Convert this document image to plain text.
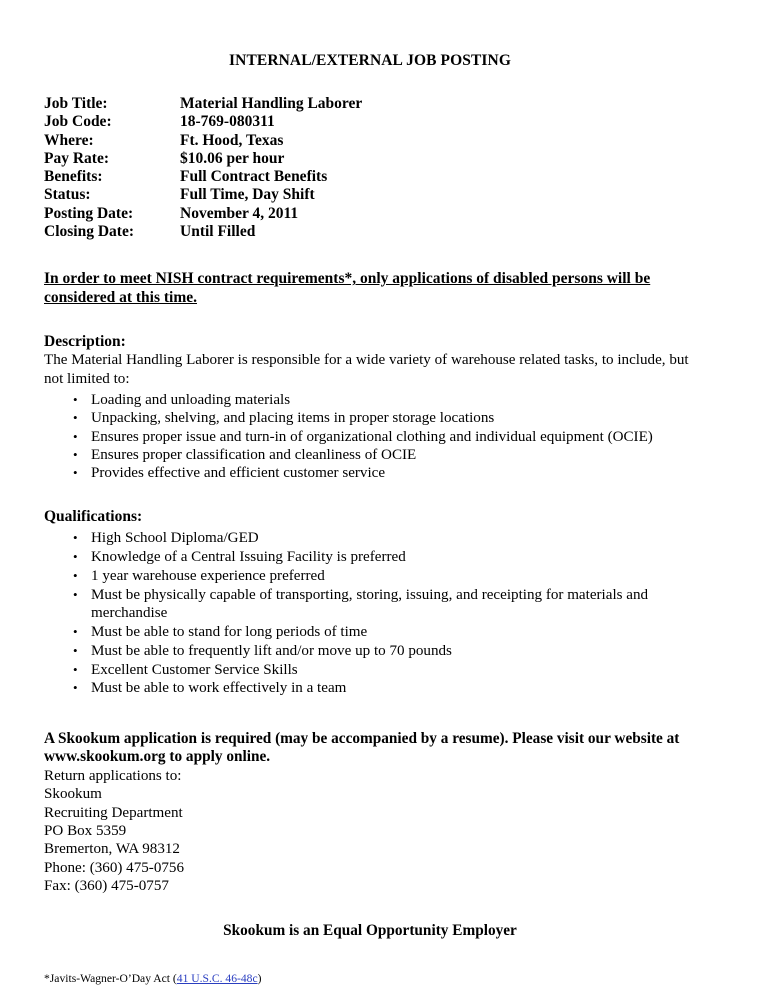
INTERNAL/EXTERNAL JOB POSTING
Job Title:	Material Handling Laborer
Job Code:	18-769-080311
Where:	Ft. Hood, Texas
Pay Rate:	$10.06 per hour
Benefits:	Full Contract Benefits
Status:	Full Time, Day Shift
Posting Date:	November 4, 2011
Closing Date:	Until Filled
In order to meet NISH contract requirements*, only applications of disabled persons will be considered at this time.
Description:
The Material Handling Laborer is responsible for a wide variety of warehouse related tasks, to include, but not limited to:
• Loading and unloading materials
• Unpacking, shelving, and placing items in proper storage locations
• Ensures proper issue and turn-in of organizational clothing and individual equipment (OCIE)
• Ensures proper classification and cleanliness of OCIE
• Provides effective and efficient customer service
Qualifications:
• High School Diploma/GED
• Knowledge of a Central Issuing Facility is preferred
• 1 year warehouse experience preferred
• Must be physically capable of transporting, storing, issuing, and receipting for materials and merchandise
• Must be able to stand for long periods of time
• Must be able to frequently lift and/or move up to 70 pounds
• Excellent Customer Service Skills
• Must be able to work effectively in a team
A Skookum application is required (may be accompanied by a resume). Please visit our website at www.skookum.org to apply online.
Return applications to:
Skookum
Recruiting Department
PO Box 5359
Bremerton, WA 98312
Phone: (360) 475-0756
Fax: (360) 475-0757
Skookum is an Equal Opportunity Employer
*Javits-Wagner-O’Day Act (41 U.S.C. 46-48c)
